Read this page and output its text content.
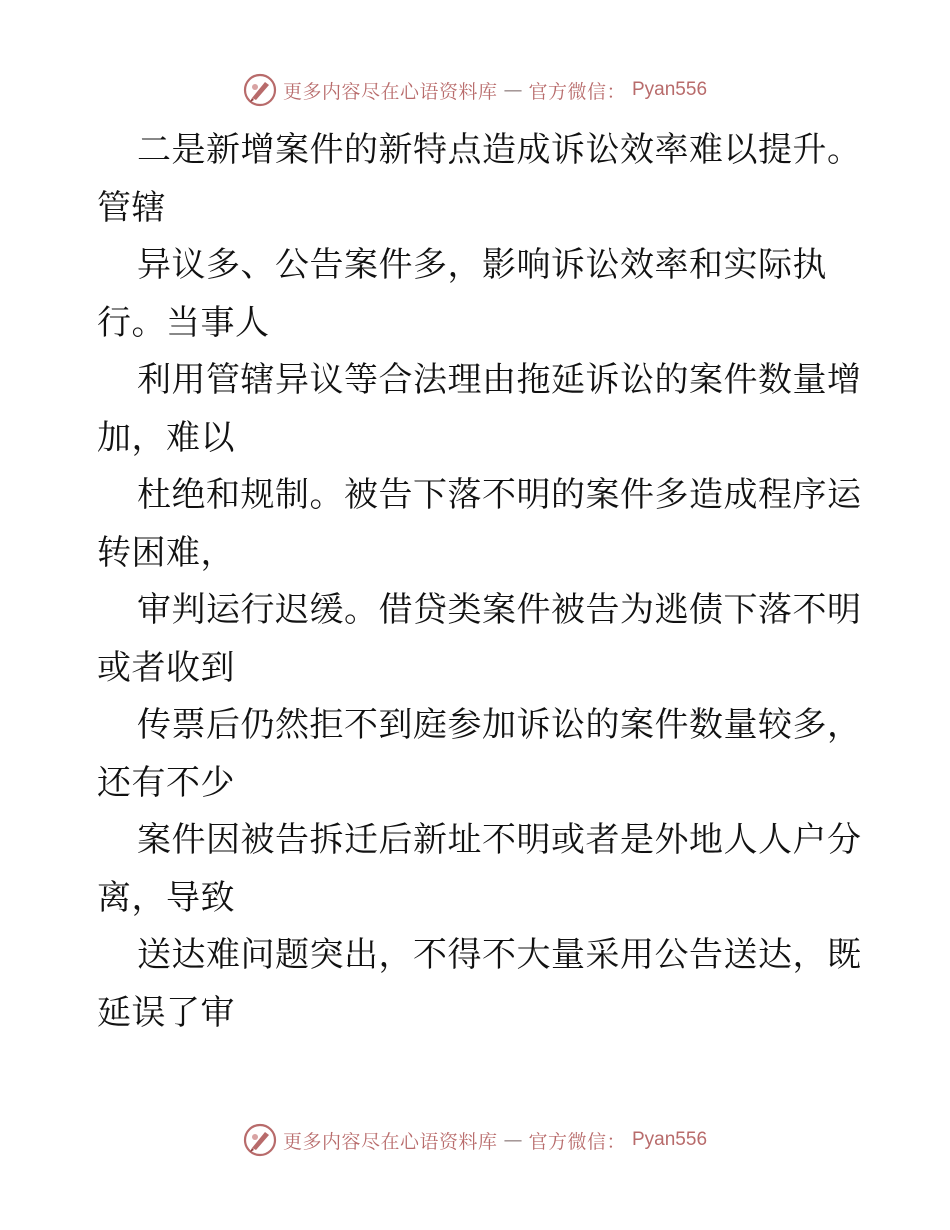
更多内容尽在心语资料库 — 官方微信： Pyan556
二是新增案件的新特点造成诉讼效率难以提升。
管辖
异议多、公告案件多，影响诉讼效率和实际执
行。当事人
利用管辖异议等合法理由拖延诉讼的案件数量增
加，难以
杜绝和规制。被告下落不明的案件多造成程序运
转困难，
审判运行迟缓。借贷类案件被告为逃债下落不明
或者收到
传票后仍然拒不到庭参加诉讼的案件数量较多，
还有不少
案件因被告拆迁后新址不明或者是外地人人户分
离，导致
送达难问题突出，不得不大量采用公告送达，既
延误了审
更多内容尽在心语资料库 — 官方微信： Pyan556
